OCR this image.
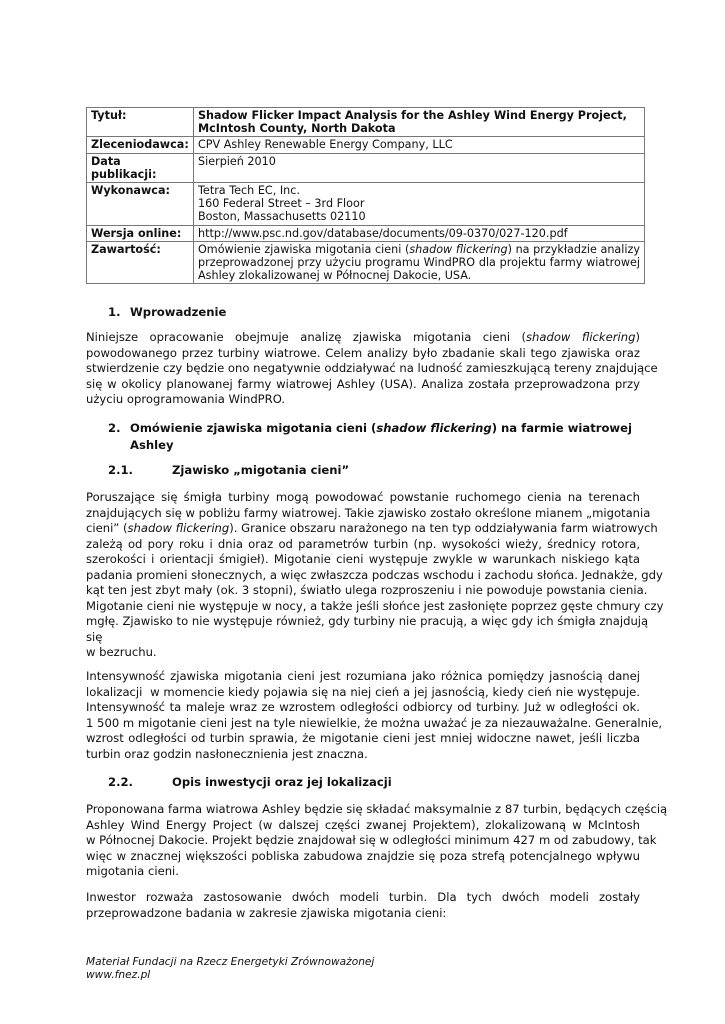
Tytuł:	Shadow Flicker Impact Analysis for the Ashley Wind Energy Project,
McIntosh County, North Dakota

Zleceniodawca:	CPV Ashley Renewable Energy Company, LLC

Data
publikacji:	Sierpień 2010
Wykonawca:	Tetra Tech EC, Inc.
160 Federal Street – 3rd Floor
Boston, Massachusetts 02110

Wersja online:	http://www.psc.nd.gov/database/documents/09-0370/027-120.pdf
Zawartość:	Omówienie zjawiska migotania cieni (shadow flickering) na przykładzie analizy
przeprowadzonej przy użyciu programu WindPRO dla projektu farmy wiatrowej
Ashley zlokalizowanej w Północnej Dakocie, USA.
1. Wprowadzenie
Niniejsze opracowanie obejmuje analizę zjawiska migotania cieni (shadow flickering)
powodowanego przez turbiny wiatrowe. Celem analizy było zbadanie skali tego zjawiska oraz
stwierdzenie czy będzie ono negatywnie oddziaływać na ludność zamieszkującą tereny znajdujące
się w okolicy planowanej farmy wiatrowej Ashley (USA). Analiza została przeprowadzona przy
użyciu oprogramowania WindPRO.
2. Omówienie zjawiska migotania cieni (shadow flickering) na farmie wiatrowej
Ashley
2.1.	Zjawisko „migotania cieni”
Poruszające się śmigła turbiny mogą powodować powstanie ruchomego cienia na terenach
znajdujących się w pobliżu farmy wiatrowej. Takie zjawisko zostało określone mianem „migotania
cieni” (shadow flickering). Granice obszaru narażonego na ten typ oddziaływania farm wiatrowych
zależą od pory roku i dnia oraz od parametrów turbin (np. wysokości wieży, średnicy rotora,
szerokości i orientacji śmigieł). Migotanie cieni występuje zwykle w warunkach niskiego kąta
padania promieni słonecznych, a więc zwłaszcza podczas wschodu i zachodu słońca. Jednakże, gdy
kąt ten jest zbyt mały (ok. 3 stopni), światło ulega rozproszeniu i nie powoduje powstania cienia.
Migotanie cieni nie występuje w nocy, a także jeśli słońce jest zasłonięte poprzez gęste chmury czy
mgłę. Zjawisko to nie występuje również, gdy turbiny nie pracują, a więc gdy ich śmigła znajdują
się
w bezruchu.
Intensywność zjawiska migotania cieni jest rozumiana jako różnica pomiędzy jasnością danej
lokalizacji  w momencie kiedy pojawia się na niej cień a jej jasnością, kiedy cień nie występuje.
Intensywność ta maleje wraz ze wzrostem odległości odbiorcy od turbiny. Już w odległości ok.
1 500 m migotanie cieni jest na tyle niewielkie, że można uważać je za niezauważalne. Generalnie,
wzrost odległości od turbin sprawia, że migotanie cieni jest mniej widoczne nawet, jeśli liczba
turbin oraz godzin nasłonecznienia jest znaczna.
2.2.	Opis inwestycji oraz jej lokalizacji
Proponowana farma wiatrowa Ashley będzie się składać maksymalnie z 87 turbin, będących częścią
Ashley Wind Energy Project (w dalszej części zwanej Projektem), zlokalizowaną w McIntosh
w Północnej Dakocie. Projekt będzie znajdował się w odległości minimum 427 m od zabudowy, tak
więc w znacznej większości pobliska zabudowa znajdzie się poza strefą potencjalnego wpływu
migotania cieni.
Inwestor rozważa zastosowanie dwóch modeli turbin. Dla tych dwóch modeli zostały
przeprowadzone badania w zakresie zjawiska migotania cieni:
Materiał Fundacji na Rzecz Energetyki Zrównoważonej
www.fnez.pl
